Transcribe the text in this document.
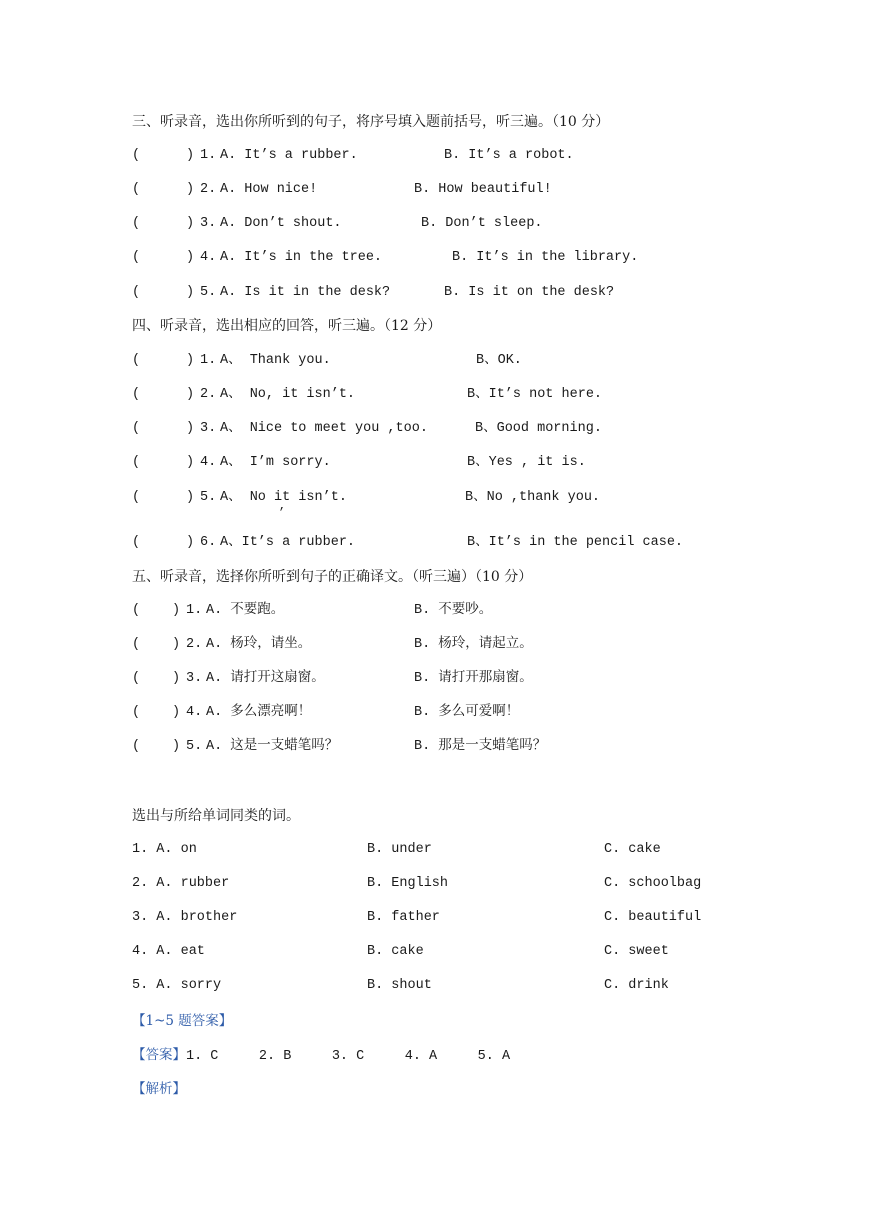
三、听录音，选出你所听到的句子，将序号填入题前括号，听三遍。（10 分）
(	) 1. A. It’s a rubber.	B. It’s a robot.
(	) 2. A. How nice!	B. How beautiful!
(	) 3. A. Don’t shout.	B. Don’t sleep.
(	) 4. A. It’s in the tree.	B. It’s in the library.
(	) 5. A. Is it in the desk?	B. Is it on the desk?
四、听录音，选出相应的回答，听三遍。（12 分）
(	) 1. A、 Thank you.	B、OK.
(	) 2. A、 No, it isn’t.	B、It’s not here.
(	) 3. A、 Nice to meet you ,too.	B、Good morning.
(	) 4. A、 I’m sorry.	B、Yes , it is.
(	) 5. A、 No it isn’t.	B、No ,thank you.
’
(	) 6. A、It’s a rubber.	B、It’s in the pencil case.
五、听录音，选择你所听到句子的正确译文。（听三遍）（10 分）
( ) 1. A. 不要跑。	B. 不要吵。
( ) 2. A. 杨玲，请坐。	B. 杨玲，请起立。
( ) 3. A. 请打开这扇窗。	B. 请打开那扇窗。
( ) 4. A. 多么漂亮啊！	B. 多么可爱啊！
( ) 5. A. 这是一支蜡笔吗？	B. 那是一支蜡笔吗？
选出与所给单词同类的词。
1. A. on	B. under	C. cake
2. A. rubber	B. English	C. schoolbag
3. A. brother	B. father	C. beautiful
4. A. eat	B. cake	C. sweet
5. A. sorry	B. shout	C. drink
【1~5 题答案】
【答案】1. C     2. B     3. C     4. A     5. A
【解析】
